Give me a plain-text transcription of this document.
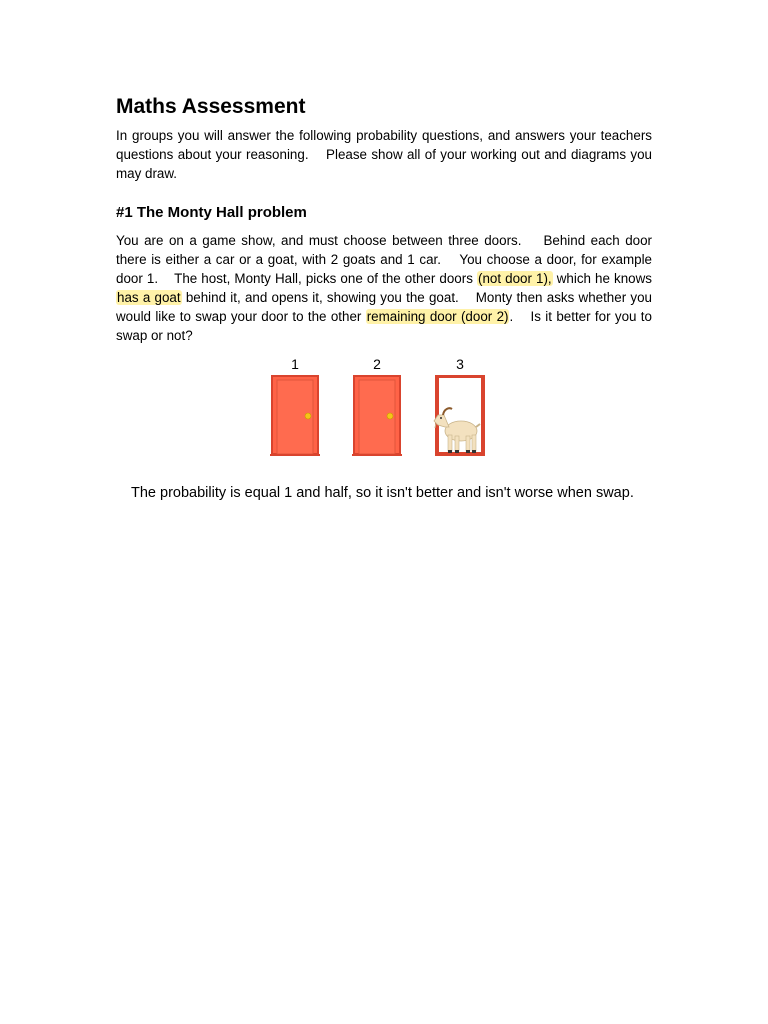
Maths Assessment

In groups you will answer the following probability questions, and answers your teachers questions about your reasoning.    Please show all of your working out and diagrams you may draw.

#1 The Monty Hall problem

You are on a game show, and must choose between three doors.    Behind each door there is either a car or a goat, with 2 goats and 1 car.    You choose a door, for example door 1.    The host, Monty Hall, picks one of the other doors (not door 1), which he knows has a goat behind it, and opens it, showing you the goat.    Monty then asks whether you would like to swap your door to the other remaining door (door 2).    Is it better for you to swap or not?

1	2	3

The probability is equal 1 and half, so it isn't better and isn't worse when swap.
